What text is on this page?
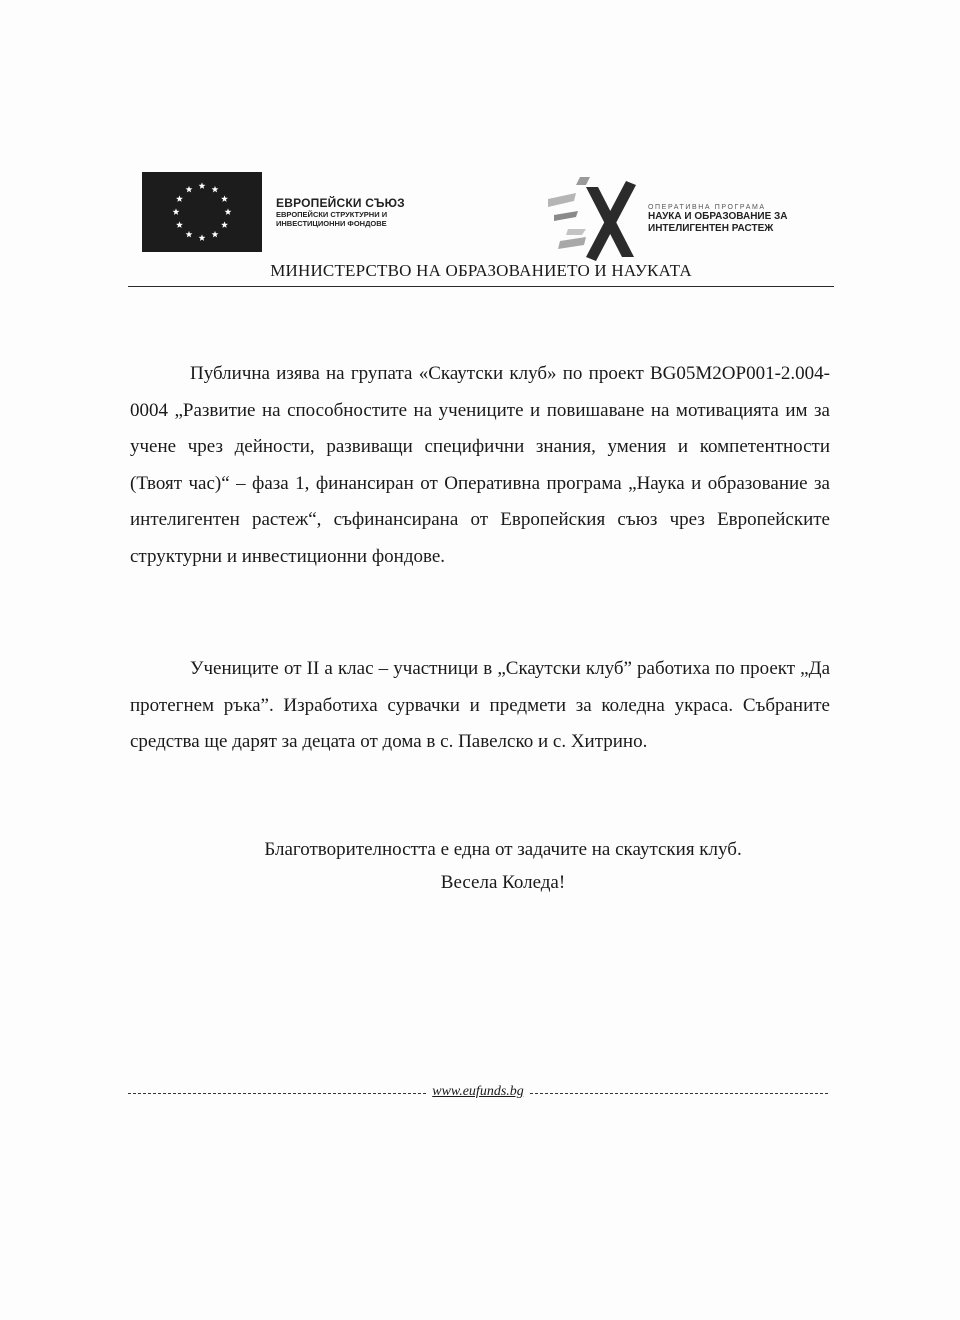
ЕВРОПЕЙСКИ СЪЮЗ
ЕВРОПЕЙСКИ СТРУКТУРНИ И
ИНВЕСТИЦИОННИ ФОНДОВЕ
ОПЕРАТИВНА ПРОГРАМА
НАУКА И ОБРАЗОВАНИЕ ЗА
ИНТЕЛИГЕНТЕН РАСТЕЖ
МИНИСТЕРСТВО НА ОБРАЗОВАНИЕТО И НАУКАТА

Публична изява на групата «Скаутски клуб» по проект BG05M2OP001-2.004-0004 „Развитие на способностите на учениците и повишаване на мотивацията им за учене чрез дейности, развиващи специфични знания, умения и компетентности (Твоят час)“ – фаза 1, финансиран от Оперативна програма „Наука и образование за интелигентен растеж“, съфинансирана от Европейския съюз чрез Европейските структурни и инвестиционни фондове.

Учениците от II а клас – участници в „Скаутски клуб” работиха по проект „Да протегнем ръка”. Изработиха сурвачки и предмети за коледна украса. Събраните средства ще дарят за децата от дома в с. Павелско и с. Хитрино.

Благотворителността е една от задачите на скаутския клуб.

Весела Коледа!

www.eufunds.bg
